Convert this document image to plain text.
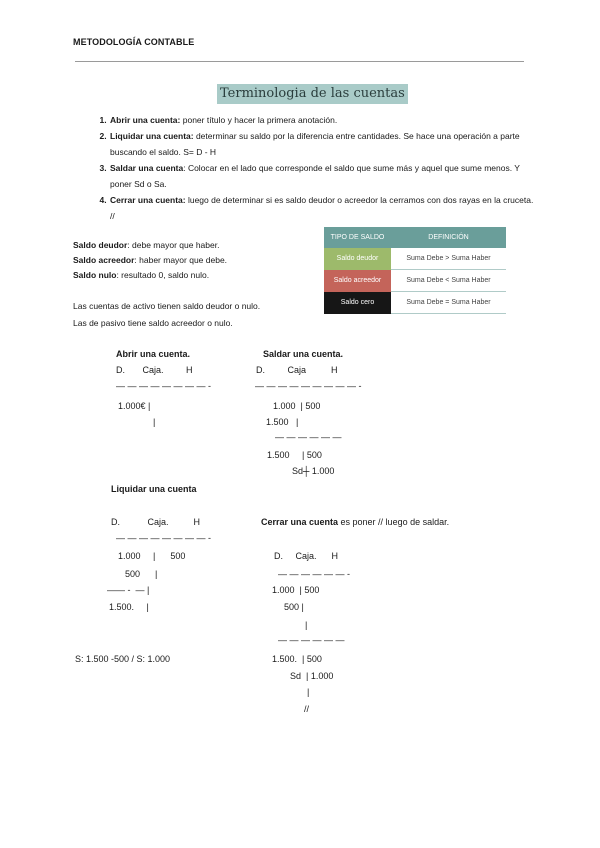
METODOLOGÍA CONTABLE
Terminologia de las cuentas
1. Abrir una cuenta: poner título y hacer la primera anotación.
2. Liquidar una cuenta: determinar su saldo por la diferencia entre cantidades. Se hace una operación a parte buscando el saldo. S= D - H
3. Saldar una cuenta: Colocar en el lado que corresponde el saldo que sume más y aquel que sume menos. Y poner Sd o Sa.
4. Cerrar una cuenta: luego de determinar si es saldo deudor o acreedor la cerramos con dos rayas en la cruceta. //
Saldo deudor: debe mayor que haber.
Saldo acreedor: haber mayor que debe.
Saldo nulo: resultado 0, saldo nulo.
Las cuentas de activo tienen saldo deudor o nulo.
Las de pasivo tiene saldo acreedor o nulo.
TIPO DE SALDO	DEFINICIÓN
Saldo deudor	Suma Debe > Suma Haber
Saldo acreedor	Suma Debe < Suma Haber
Saldo cero	Suma Debe = Suma Haber
Abrir una cuenta.
D.       Caja.         H
— — — — — — — — -
1.000€ |
|
Saldar una cuenta.
D.         Caja          H
— — — — — — — — — -
1.000  | 500
1.500   |
— — — — — —
1.500     | 500
Sd┼ 1.000
Liquidar una cuenta
D.           Caja.          H
— — — — — — — — -
1.000     |      500
500      |
—— -  — |
1.500.     |
S: 1.500 -500 / S: 1.000
Cerrar una cuenta es poner // luego de saldar.
D.     Caja.      H
— — — — — — -
1.000  | 500
500 |
|
— — — — — —
1.500.  | 500
Sd  | 1.000
|
//
